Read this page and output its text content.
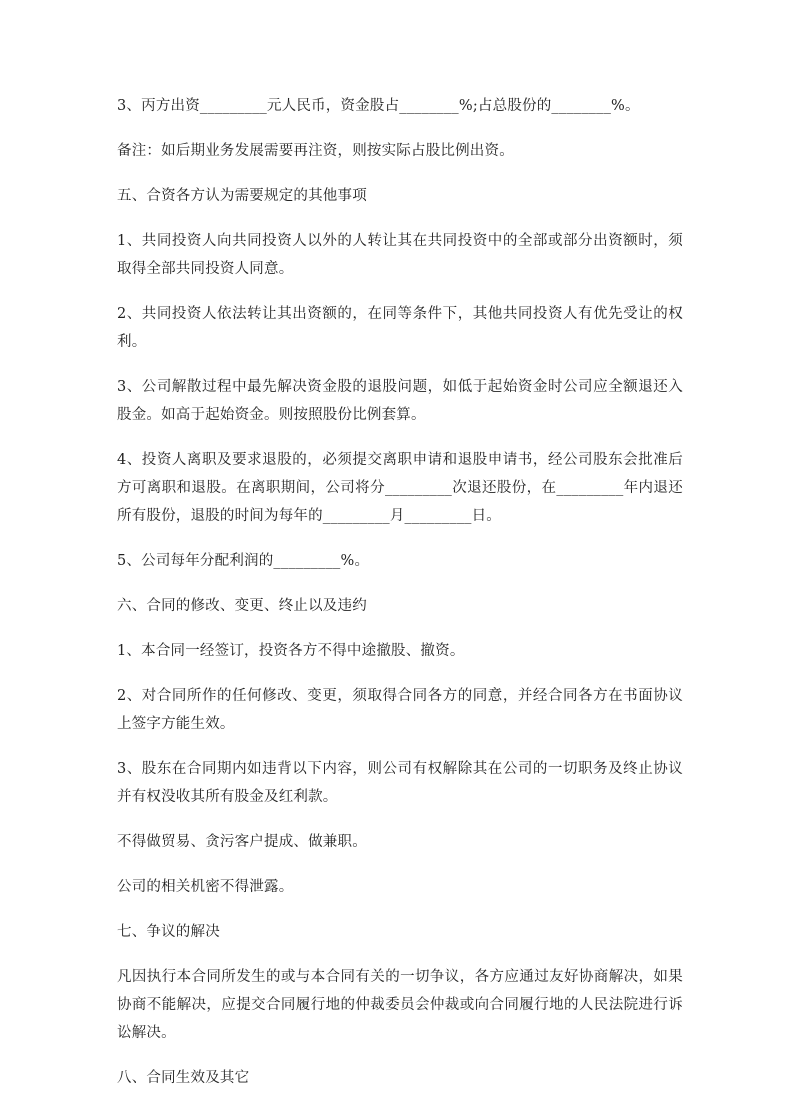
3、丙方出资_________元人民币，资金股占________%;占总股份的________%。

备注：如后期业务发展需要再注资，则按实际占股比例出资。

五、合资各方认为需要规定的其他事项

1、共同投资人向共同投资人以外的人转让其在共同投资中的全部或部分出资额时，须取得全部共同投资人同意。

2、共同投资人依法转让其出资额的，在同等条件下，其他共同投资人有优先受让的权利。

3、公司解散过程中最先解决资金股的退股问题，如低于起始资金时公司应全额退还入股金。如高于起始资金。则按照股份比例套算。

4、投资人离职及要求退股的，必须提交离职申请和退股申请书，经公司股东会批准后方可离职和退股。在离职期间，公司将分_________次退还股份，在_________年内退还所有股份，退股的时间为每年的_________月_________日。

5、公司每年分配利润的_________%。

六、合同的修改、变更、终止以及违约

1、本合同一经签订，投资各方不得中途撤股、撤资。

2、对合同所作的任何修改、变更，须取得合同各方的同意，并经合同各方在书面协议上签字方能生效。

3、股东在合同期内如违背以下内容，则公司有权解除其在公司的一切职务及终止协议并有权没收其所有股金及红利款。

不得做贸易、贪污客户提成、做兼职。

公司的相关机密不得泄露。

七、争议的解决

凡因执行本合同所发生的或与本合同有关的一切争议，各方应通过友好协商解决，如果协商不能解决，应提交合同履行地的仲裁委员会仲裁或向合同履行地的人民法院进行诉讼解决。

八、合同生效及其它
